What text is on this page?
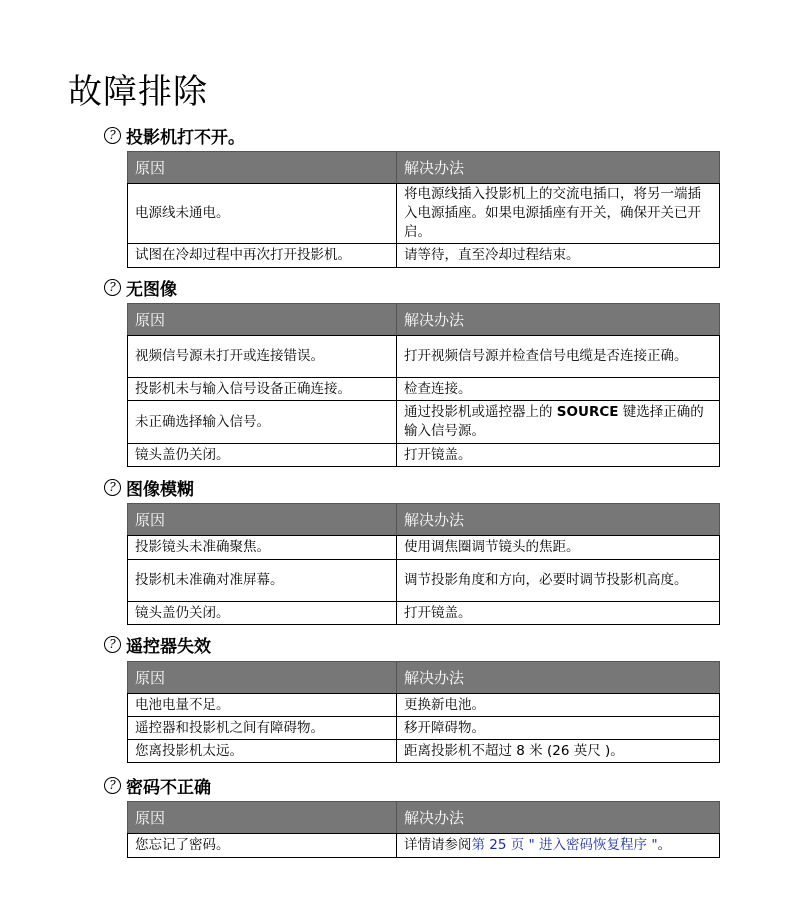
故障排除
? 投影机打不开。
原因	解决办法
电源线未通电。	将电源线插入投影机上的交流电插口，将另一端插入电源插座。如果电源插座有开关，确保开关已开启。
试图在冷却过程中再次打开投影机。	请等待，直至冷却过程结束。
? 无图像
原因	解决办法
视频信号源未打开或连接错误。	打开视频信号源并检查信号电缆是否连接正确。
投影机未与输入信号设备正确连接。	检查连接。
未正确选择输入信号。	通过投影机或遥控器上的 SOURCE 键选择正确的输入信号源。
镜头盖仍关闭。	打开镜盖。
? 图像模糊
原因	解决办法
投影镜头未准确聚焦。	使用调焦圈调节镜头的焦距。
投影机未准确对准屏幕。	调节投影角度和方向，必要时调节投影机高度。
镜头盖仍关闭。	打开镜盖。
? 遥控器失效
原因	解决办法
电池电量不足。	更换新电池。
遥控器和投影机之间有障碍物。	移开障碍物。
您离投影机太远。	距离投影机不超过 8 米 (26 英尺 )。
? 密码不正确
原因	解决办法
您忘记了密码。	详情请参阅第 25 页 " 进入密码恢复程序 "。
